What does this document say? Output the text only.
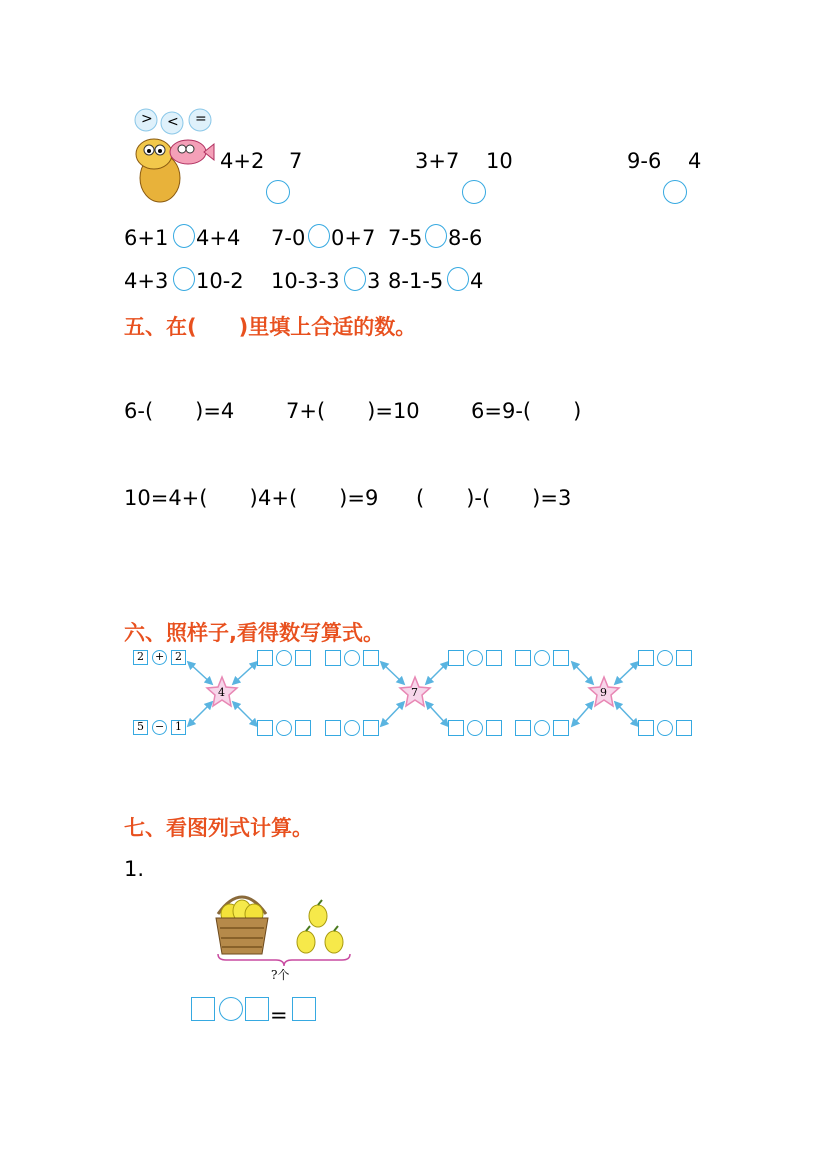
> < =
4+2 7	3+7 10	9-6 4
6+1 4+4 7-0 0+7 7-5 8-6
4+3 10-2 10-3-3 3 8-1-5 4
五、在(　　)里填上合适的数。
6-(　　)=4 7+(　　)=10 6=9-(　　)
10=4+(　　) 4+(　　)=9 (　　)-(　　)=3
六、照样子,看得数写算式。
2 + 2
5 − 1
4	7	9
七、看图列式计算。
1.
?个
=
